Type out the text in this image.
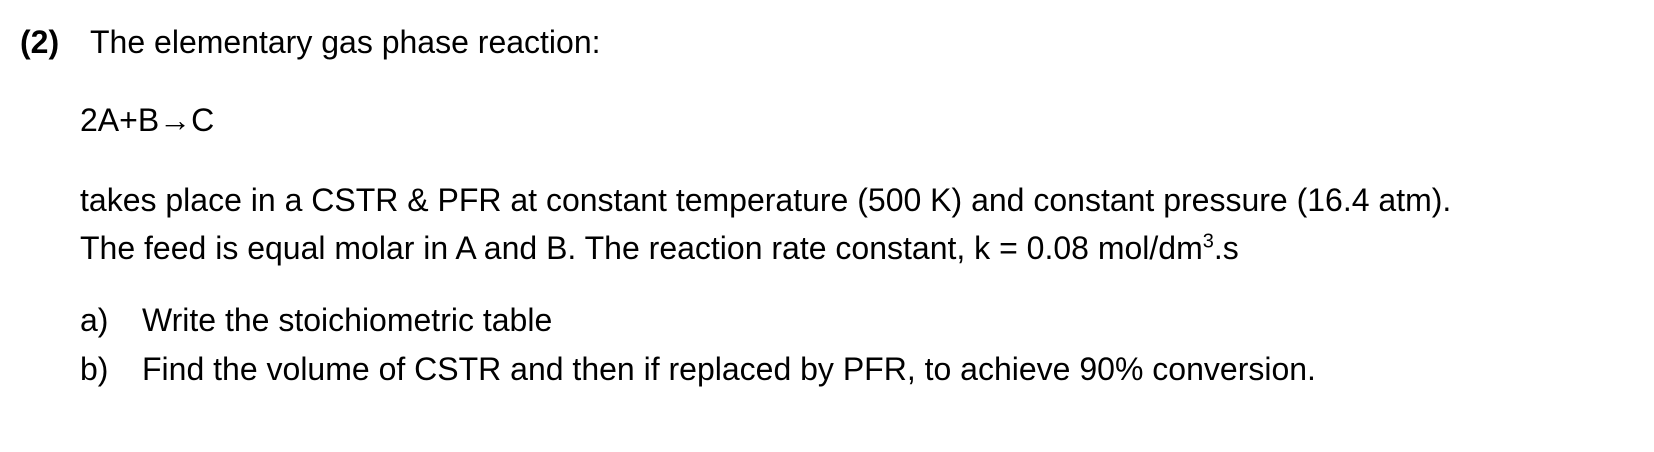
(2) The elementary gas phase reaction:
2A+B→C
takes place in a CSTR & PFR at constant temperature (500 K) and constant pressure (16.4 atm).
The feed is equal molar in A and B. The reaction rate constant, k = 0.08 mol/$dm^3.s$
a) Write the stoichiometric table
b) Find the volume of CSTR and then if replaced by PFR, to achieve 90% conversion.
